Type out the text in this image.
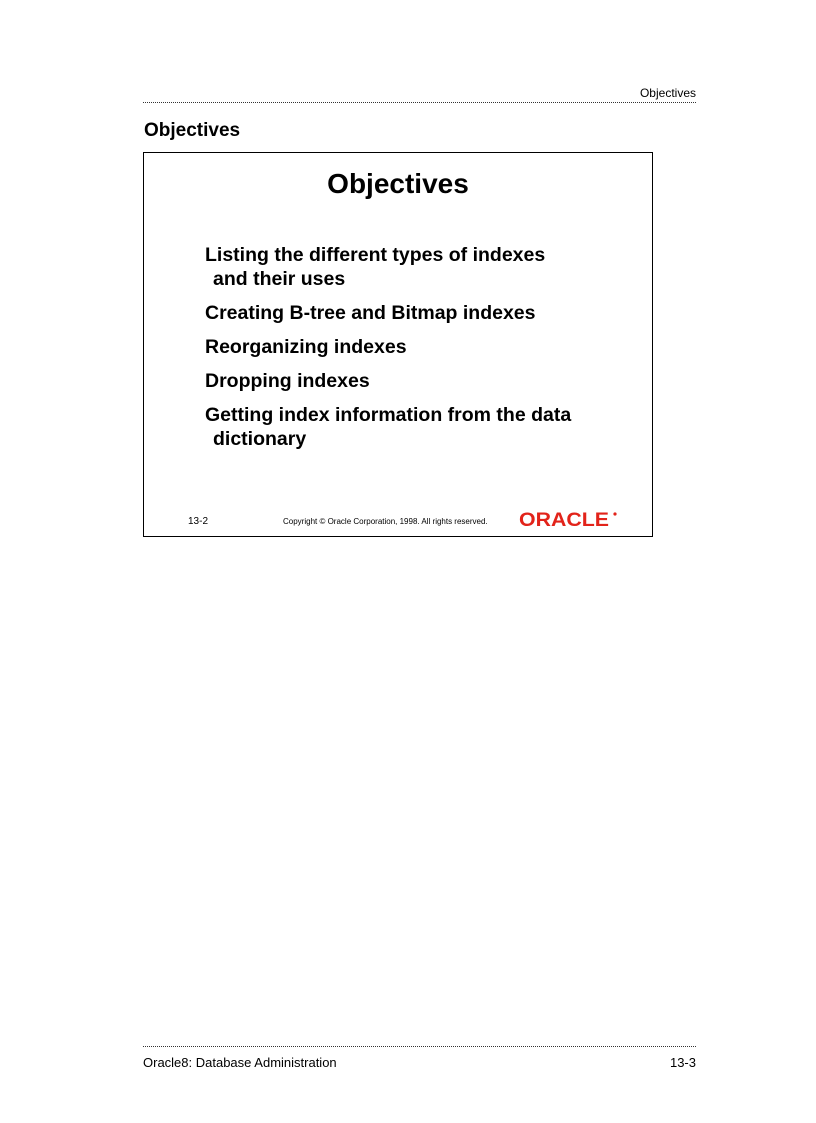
Objectives
Objectives
Objectives
Listing the different types of indexes
and their uses
Creating B-tree and Bitmap indexes
Reorganizing indexes
Dropping indexes
Getting index information from the data
dictionary
13-2	Copyright © Oracle Corporation, 1998. All rights reserved. ORACLE
Oracle8: Database Administration	13-3
